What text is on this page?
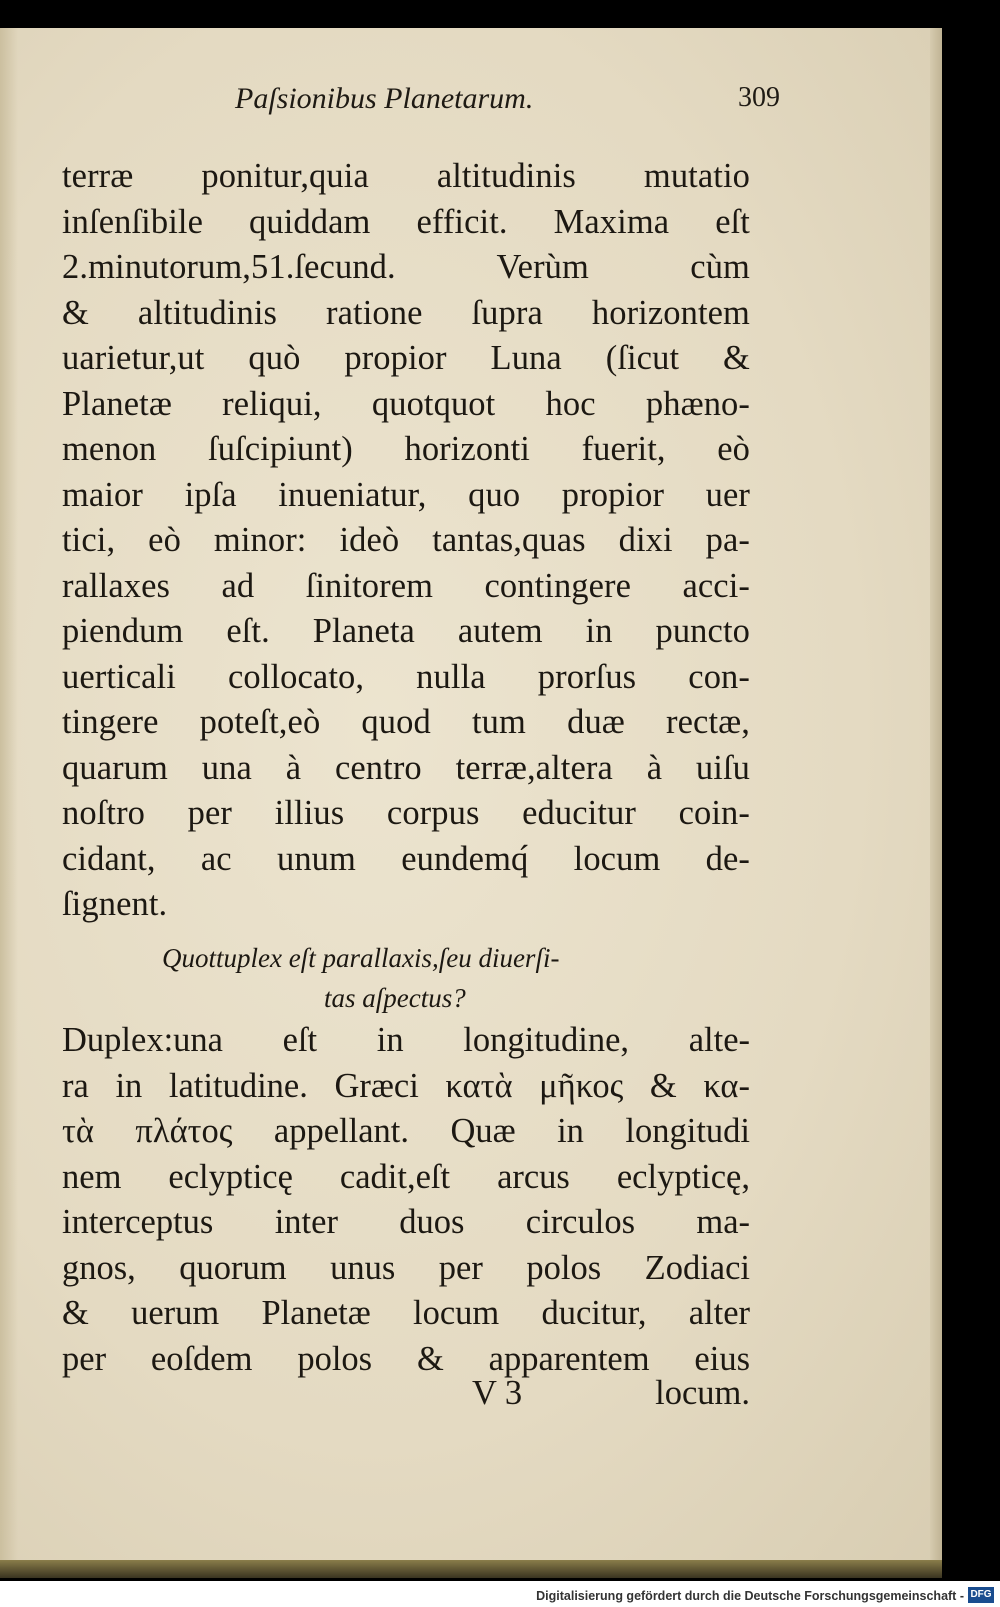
Paſsionibus Planetarum.	309
terræ ponitur,quia altitudinis mutatio
inſenſibile quiddam efficit. Maxima eſt
2.minutorum,51.ſecund. Verùm cùm
& altitudinis ratione ſupra horizontem
uarietur,ut quò propior Luna (ſicut &
Planetæ reliqui, quotquot hoc phæno-
menon ſuſcipiunt) horizonti fuerit, eò
maior ipſa inueniatur, quo propior uer
tici, eò minor: ideò tantas,quas dixi pa-
rallaxes ad ſinitorem contingere acci-
piendum eſt. Planeta autem in puncto
uerticali collocato, nulla prorſus con-
tingere poteſt,eò quod tum duæ rectæ,
quarum una à centro terræ,altera à uiſu
noſtro per illius corpus educitur coin-
cidant, ac unum eundemq́ locum de-
ſignent.
Quottuplex eſt parallaxis,ſeu diuerſi-
tas aſpectus?
Duplex:una eſt in longitudine, alte-
ra in latitudine. Græci κατὰ μῆκος & κα-
τὰ πλάτος appellant. Quæ in longitudi
nem eclypticę cadit,eſt arcus eclypticę,
interceptus inter duos circulos ma-
gnos, quorum unus per polos Zodiaci
& uerum Planetæ locum ducitur, alter
per eoſdem polos & apparentem eius
V 3	locum.
Digitalisierung gefördert durch die Deutsche Forschungsgemeinschaft - DFG
